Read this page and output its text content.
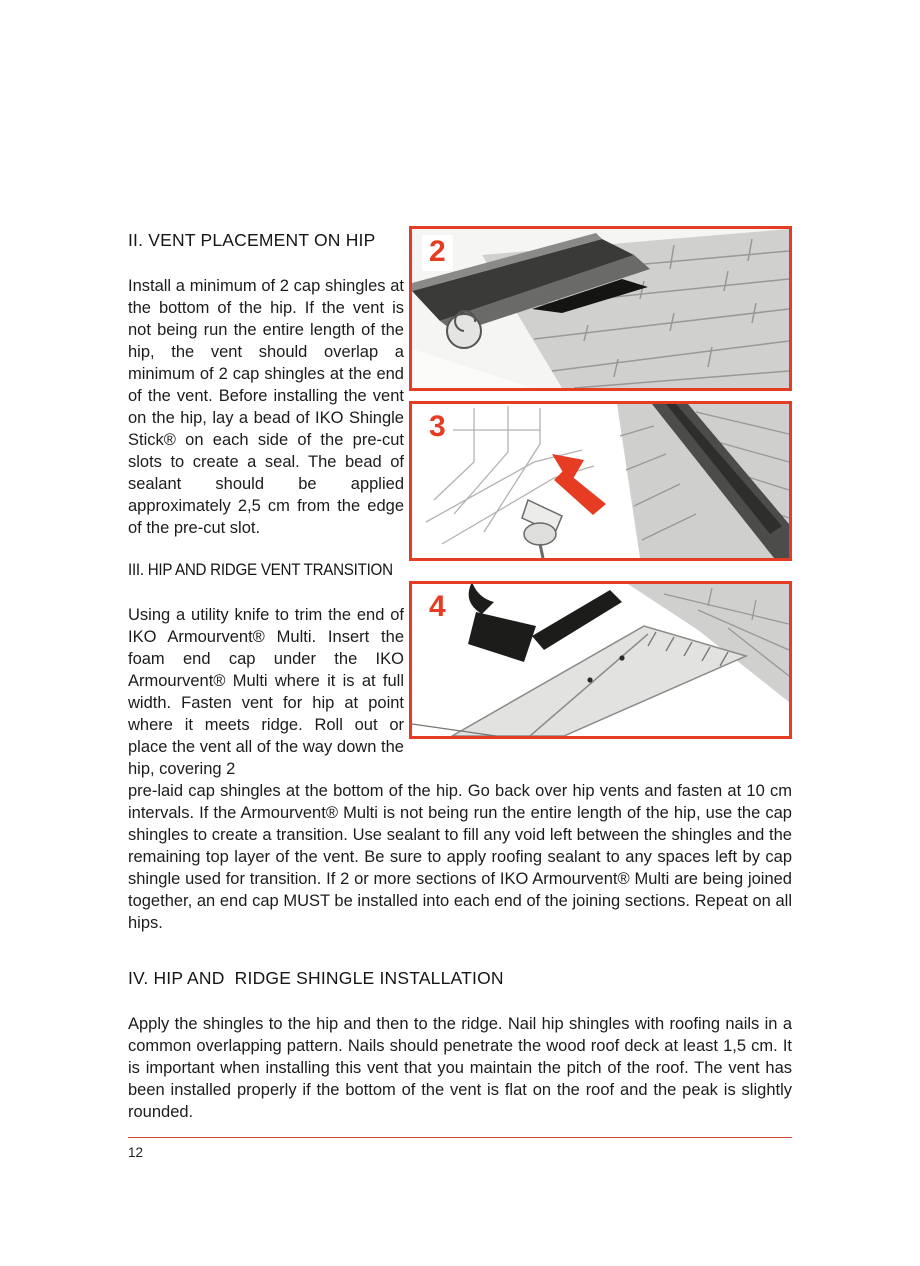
II. VENT PLACEMENT ON HIP

Install a minimum of 2 cap shingles at the bottom of the hip. If the vent is not being run the entire length of the hip, the vent should overlap a minimum of 2 cap shingles at the end of the vent. Before installing the vent on the hip, lay a bead of IKO Shingle Stick® on each side of the pre-cut slots to create a seal. The bead of sealant should be applied approximately 2,5 cm from the edge of the pre-cut slot.

III. HIP AND RIDGE VENT TRANSITION

Using a utility knife to trim the end of IKO Armourvent® Multi. Insert the foam end cap under the IKO Armourvent® Multi where it is at full width. Fasten vent for hip at point where it meets ridge. Roll out or place the vent all of the way down the hip, covering 2

2
3
4

pre-laid cap shingles at the bottom of the hip. Go back over hip vents and fasten at 10 cm intervals. If the Armourvent® Multi is not being run the entire length of the hip, use the cap shingles to create a transition. Use sealant to fill any void left between the shingles and the remaining top layer of the vent. Be sure to apply roofing sealant to any spaces left by cap shingle used for transition. If 2 or more sections of IKO Armourvent® Multi are being joined together, an end cap MUST be installed into each end of the joining sections. Repeat on all hips.

IV. HIP AND  RIDGE SHINGLE INSTALLATION

Apply the shingles to the hip and then to the ridge. Nail hip shingles with roofing nails in a common overlapping pattern. Nails should penetrate the wood roof deck at least 1,5 cm. It is important when installing this vent that you maintain the pitch of the roof. The vent has been installed properly if the bottom of the vent is flat on the roof and the peak is slightly rounded.

12
